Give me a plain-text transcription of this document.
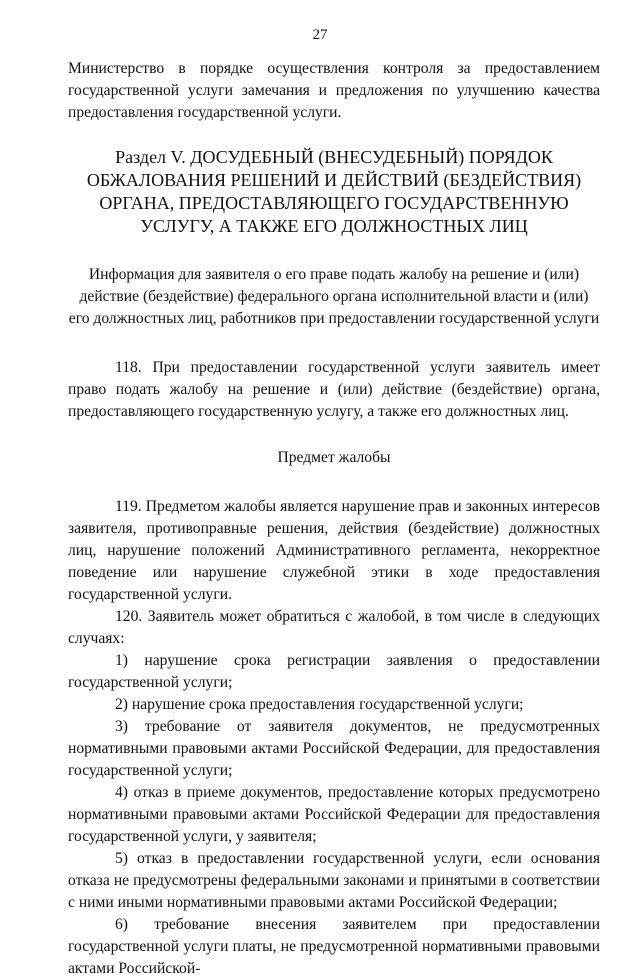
27

Министерство в порядке осуществления контроля за предоставлением государственной услуги замечания и предложения по улучшению качества предоставления государственной услуги.

Раздел V. ДОСУДЕБНЫЙ (ВНЕСУДЕБНЫЙ) ПОРЯДОК ОБЖАЛОВАНИЯ РЕШЕНИЙ И ДЕЙСТВИЙ (БЕЗДЕЙСТВИЯ) ОРГАНА, ПРЕДОСТАВЛЯЮЩЕГО ГОСУДАРСТВЕННУЮ УСЛУГУ, А ТАКЖЕ ЕГО ДОЛЖНОСТНЫХ ЛИЦ
Информация для заявителя о его праве подать жалобу на решение и (или) действие (бездействие) федерального органа исполнительной власти и (или) его должностных лиц, работников при предоставлении государственной услуги

118. При предоставлении государственной услуги заявитель имеет право подать жалобу на решение и (или) действие (бездействие) органа, предоставляющего государственную услугу, а также его должностных лиц.

Предмет жалобы

119. Предметом жалобы является нарушение прав и законных интересов заявителя, противоправные решения, действия (бездействие) должностных лиц, нарушение положений Административного регламента, некорректное поведение или нарушение служебной этики в ходе предоставления государственной услуги.

120. Заявитель может обратиться с жалобой, в том числе в следующих случаях:

1) нарушение срока регистрации заявления о предоставлении государственной услуги;

2) нарушение срока предоставления государственной услуги;

3) требование от заявителя документов, не предусмотренных нормативными правовыми актами Российской Федерации, для предоставления государственной услуги;

4) отказ в приеме документов, предоставление которых предусмотрено нормативными правовыми актами Российской Федерации для предоставления государственной услуги, у заявителя;

5) отказ в предоставлении государственной услуги, если основания отказа не предусмотрены федеральными законами и принятыми в соответствии с ними иными нормативными правовыми актами Российской Федерации;

6) требование внесения заявителем при предоставлении государственной услуги платы, не предусмотренной нормативными правовыми актами Российской-
